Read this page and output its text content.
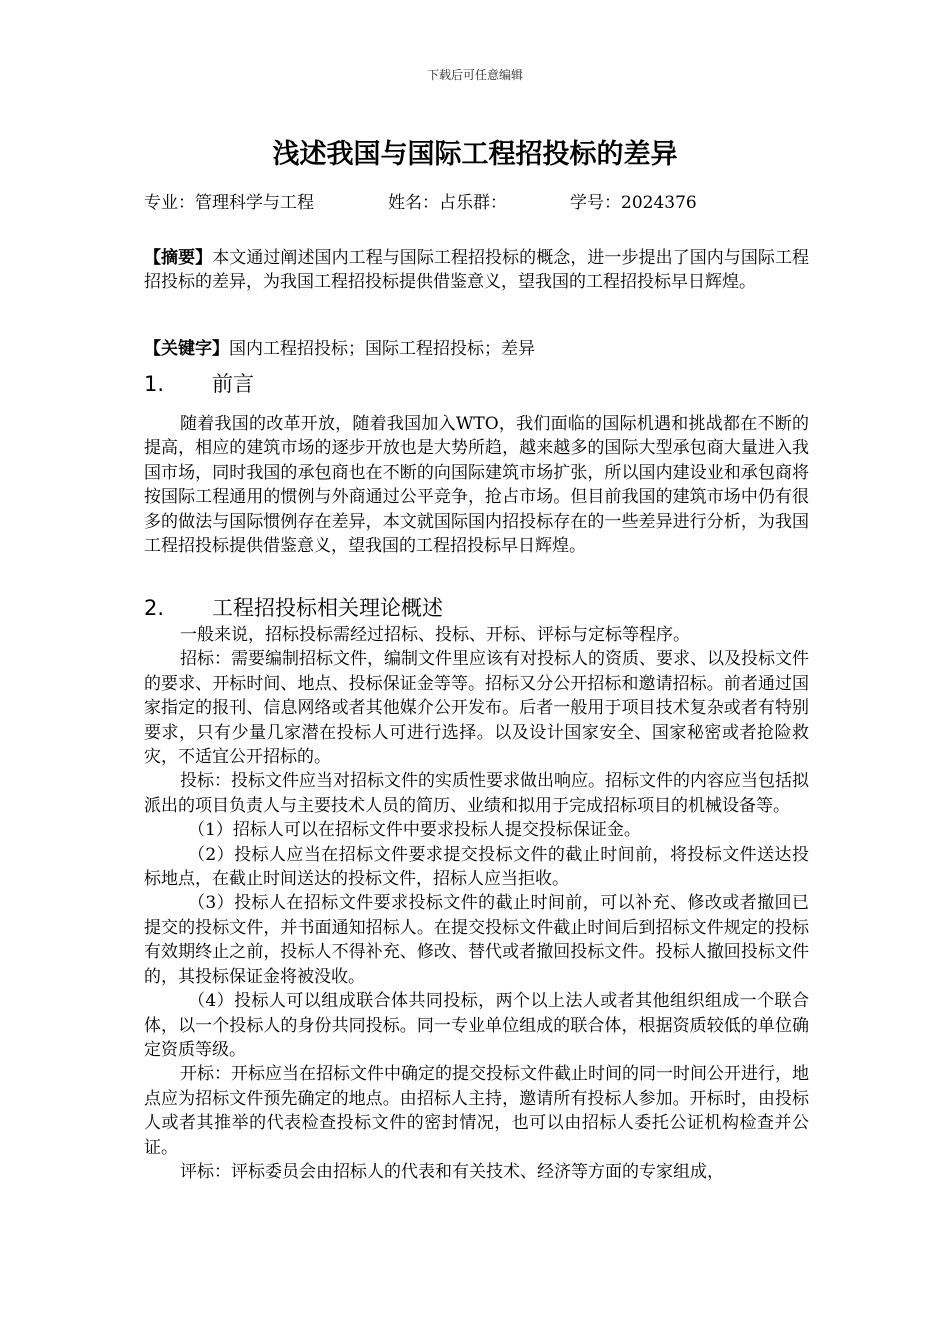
下载后可任意编辑
浅述我国与国际工程招投标的差异
专业：管理科学与工程	姓名：占乐群：	学号：2024376

【摘要】本文通过阐述国内工程与国际工程招投标的概念，进一步提出了国内与国际工程招投标的差异，为我国工程招投标提供借鉴意义，望我国的工程招投标早日辉煌。

【关键字】国内工程招投标；国际工程招投标；差异

1. 前言

随着我国的改革开放，随着我国加入WTO，我们面临的国际机遇和挑战都在不断的提高，相应的建筑市场的逐步开放也是大势所趋，越来越多的国际大型承包商大量进入我国市场，同时我国的承包商也在不断的向国际建筑市场扩张，所以国内建设业和承包商将按国际工程通用的惯例与外商通过公平竞争，抢占市场。但目前我国的建筑市场中仍有很多的做法与国际惯例存在差异，本文就国际国内招投标存在的一些差异进行分析，为我国工程招投标提供借鉴意义，望我国的工程招投标早日辉煌。

2. 工程招投标相关理论概述

一般来说，招标投标需经过招标、投标、开标、评标与定标等程序。

招标：需要编制招标文件，编制文件里应该有对投标人的资质、要求、以及投标文件的要求、开标时间、地点、投标保证金等等。招标又分公开招标和邀请招标。前者通过国家指定的报刊、信息网络或者其他媒介公开发布。后者一般用于项目技术复杂或者有特别要求，只有少量几家潜在投标人可进行选择。以及设计国家安全、国家秘密或者抢险救灾，不适宜公开招标的。

投标：投标文件应当对招标文件的实质性要求做出响应。招标文件的内容应当包括拟派出的项目负责人与主要技术人员的简历、业绩和拟用于完成招标项目的机械设备等。

（1）招标人可以在招标文件中要求投标人提交投标保证金。

（2）投标人应当在招标文件要求提交投标文件的截止时间前，将投标文件送达投标地点，在截止时间送达的投标文件，招标人应当拒收。

（3）投标人在招标文件要求投标文件的截止时间前，可以补充、修改或者撤回已提交的投标文件，并书面通知招标人。在提交投标文件截止时间后到招标文件规定的投标有效期终止之前，投标人不得补充、修改、替代或者撤回投标文件。投标人撤回投标文件的，其投标保证金将被没收。

（4）投标人可以组成联合体共同投标，两个以上法人或者其他组织组成一个联合体，以一个投标人的身份共同投标。同一专业单位组成的联合体，根据资质较低的单位确定资质等级。

开标：开标应当在招标文件中确定的提交投标文件截止时间的同一时间公开进行，地点应为招标文件预先确定的地点。由招标人主持，邀请所有投标人参加。开标时，由投标人或者其推举的代表检查投标文件的密封情况，也可以由招标人委托公证机构检查并公证。

评标：评标委员会由招标人的代表和有关技术、经济等方面的专家组成，
